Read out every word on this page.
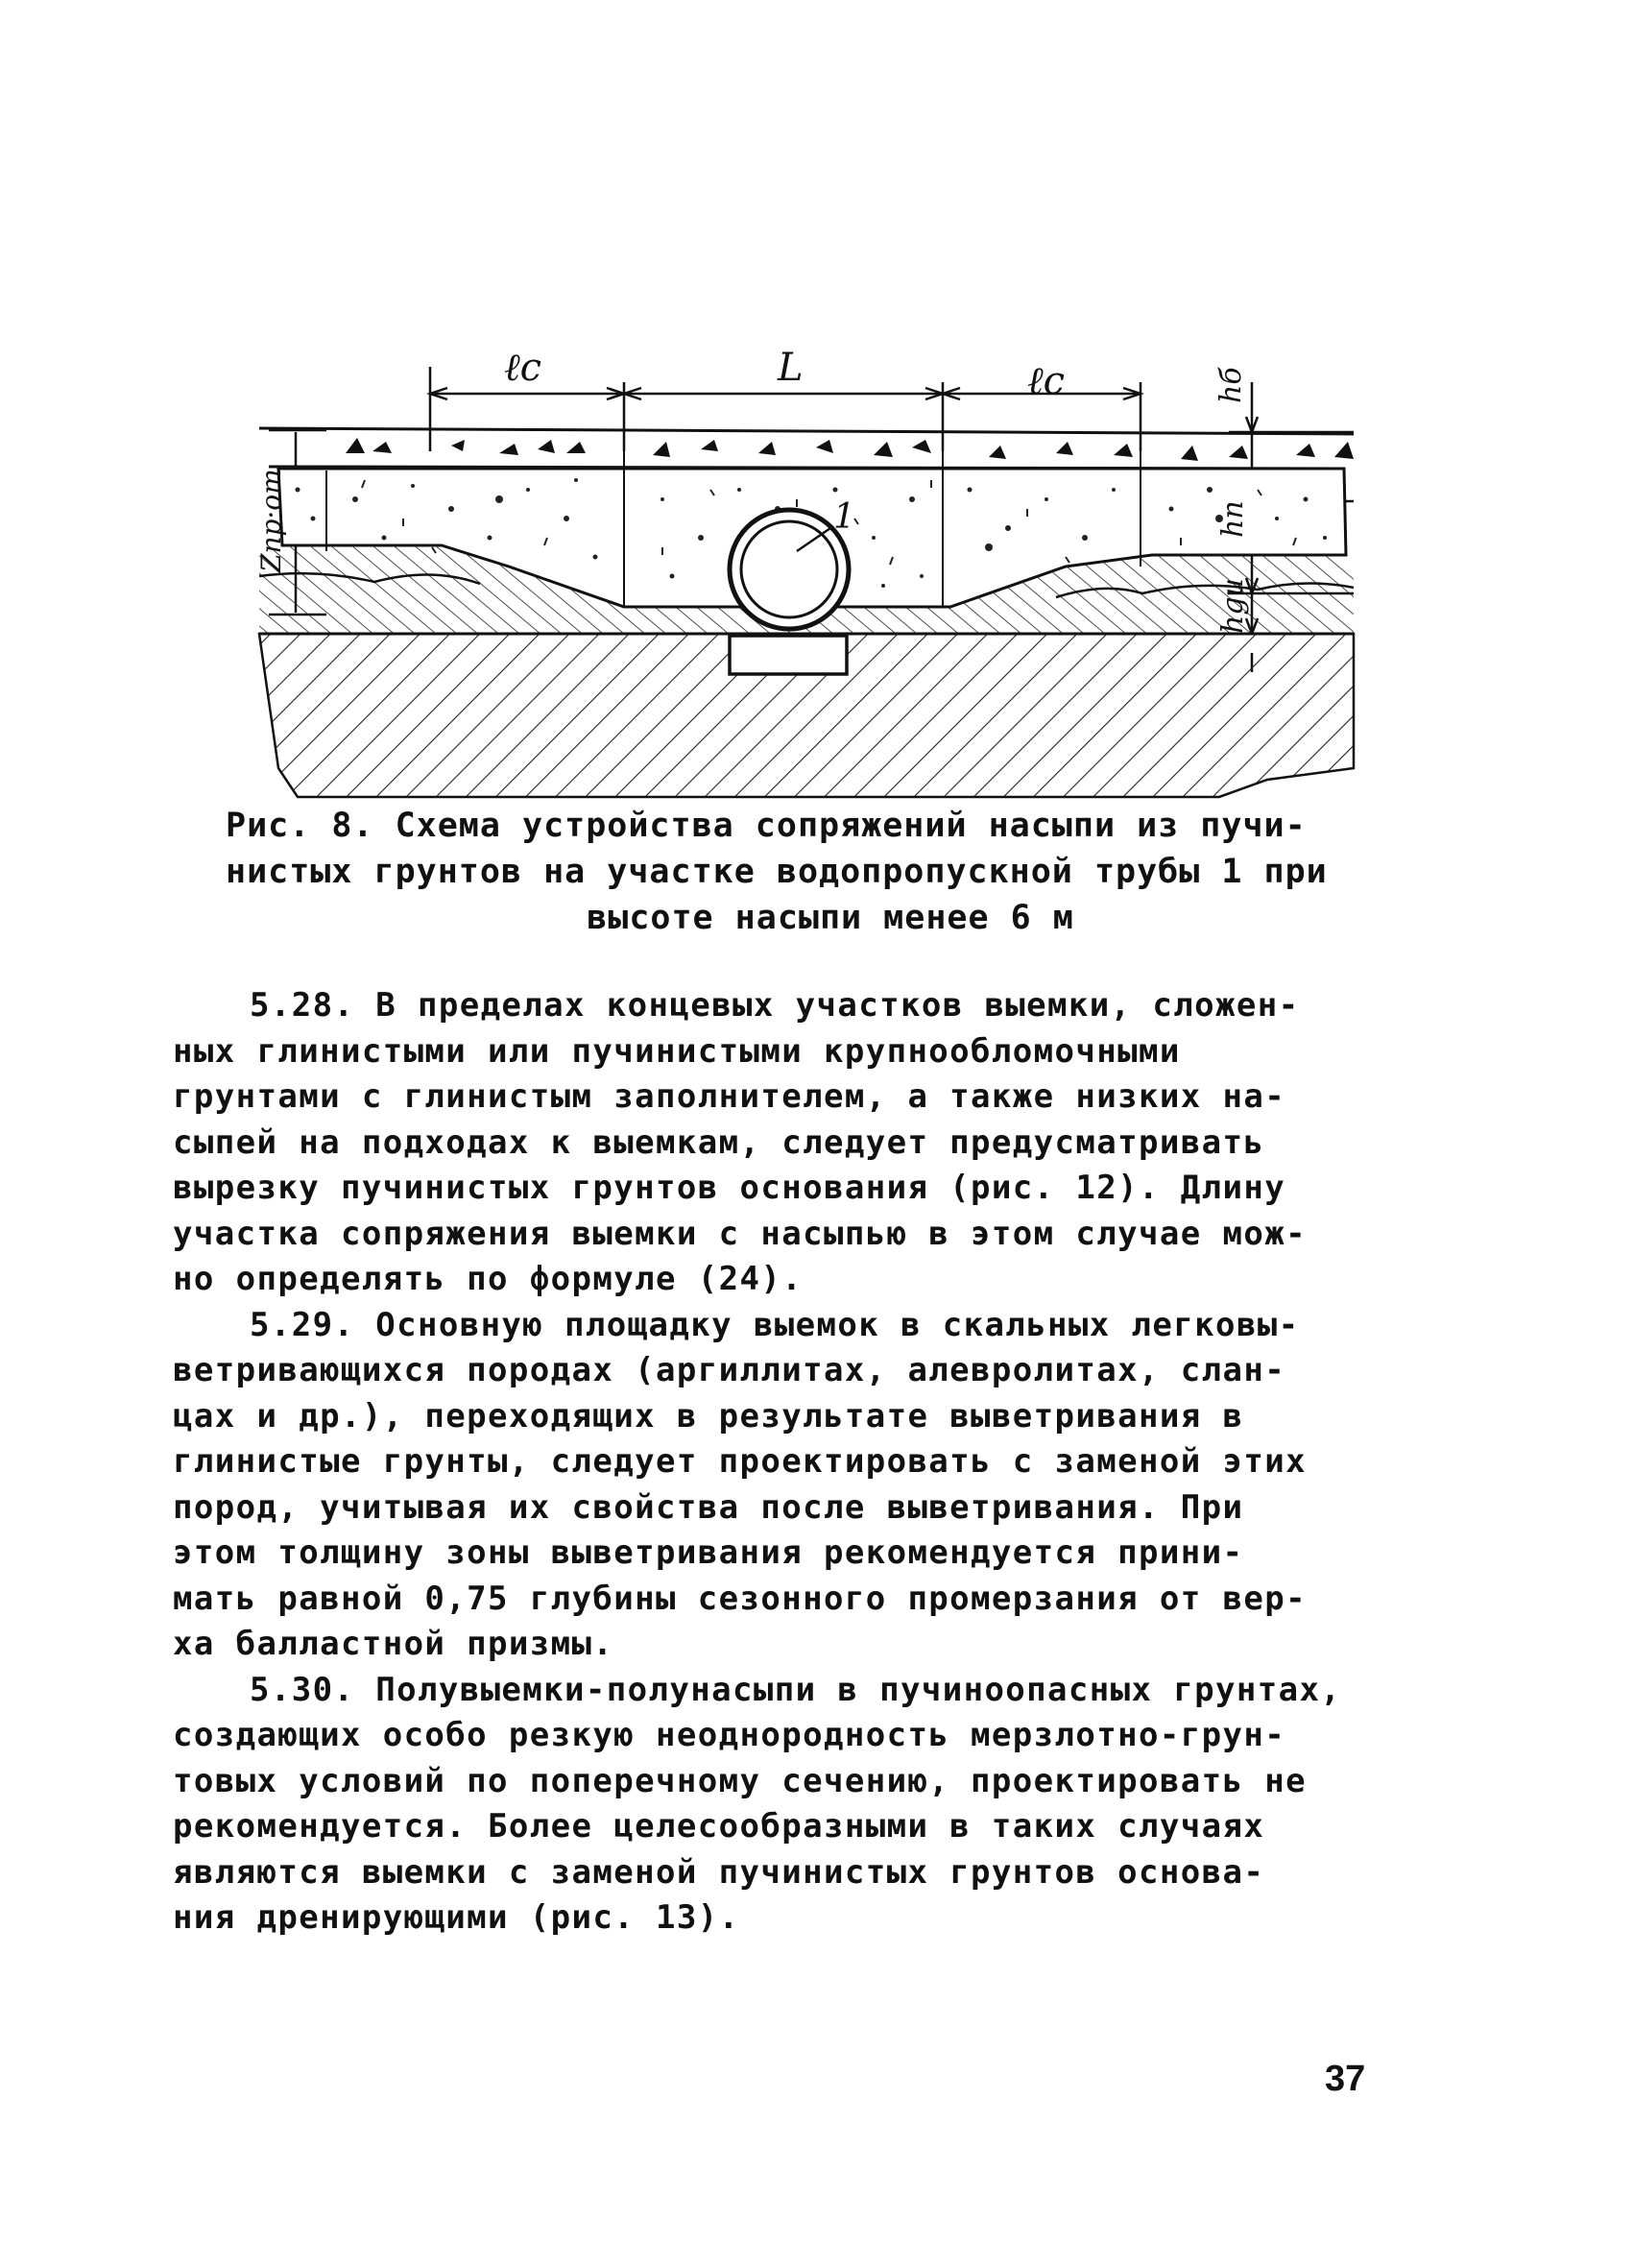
1
ℓc	L	ℓc	hб
Zпр·от	hn
hgu
Рис. 8. Схема устройства сопряжений насыпи из пучи-
нистых грунтов на участке водопропускной трубы 1 при
высоте насыпи менее 6 м
5.28. В пределах концевых участков выемки, сложен-
ных глинистыми или пучинистыми крупнообломочными
грунтами с глинистым заполнителем, а также низких на-
сыпей на подходах к выемкам, следует предусматривать
вырезку пучинистых грунтов основания (рис. 12). Длину
участка сопряжения выемки с насыпью в этом случае мож-
но определять по формуле (24).
5.29. Основную площадку выемок в скальных легковы-
ветривающихся породах (аргиллитах, алевролитах, слан-
цах и др.), переходящих в результате выветривания в
глинистые грунты, следует проектировать с заменой этих
пород, учитывая их свойства после выветривания. При
этом толщину зоны выветривания рекомендуется прини-
мать равной 0,75 глубины сезонного промерзания от вер-
ха балластной призмы.
5.30. Полувыемки-полунасыпи в пучиноопасных грунтах,
создающих особо резкую неоднородность мерзлотно-грун-
товых условий по поперечному сечению, проектировать не
рекомендуется. Более целесообразными в таких случаях
являются выемки с заменой пучинистых грунтов основа-
ния дренирующими (рис. 13).
37
